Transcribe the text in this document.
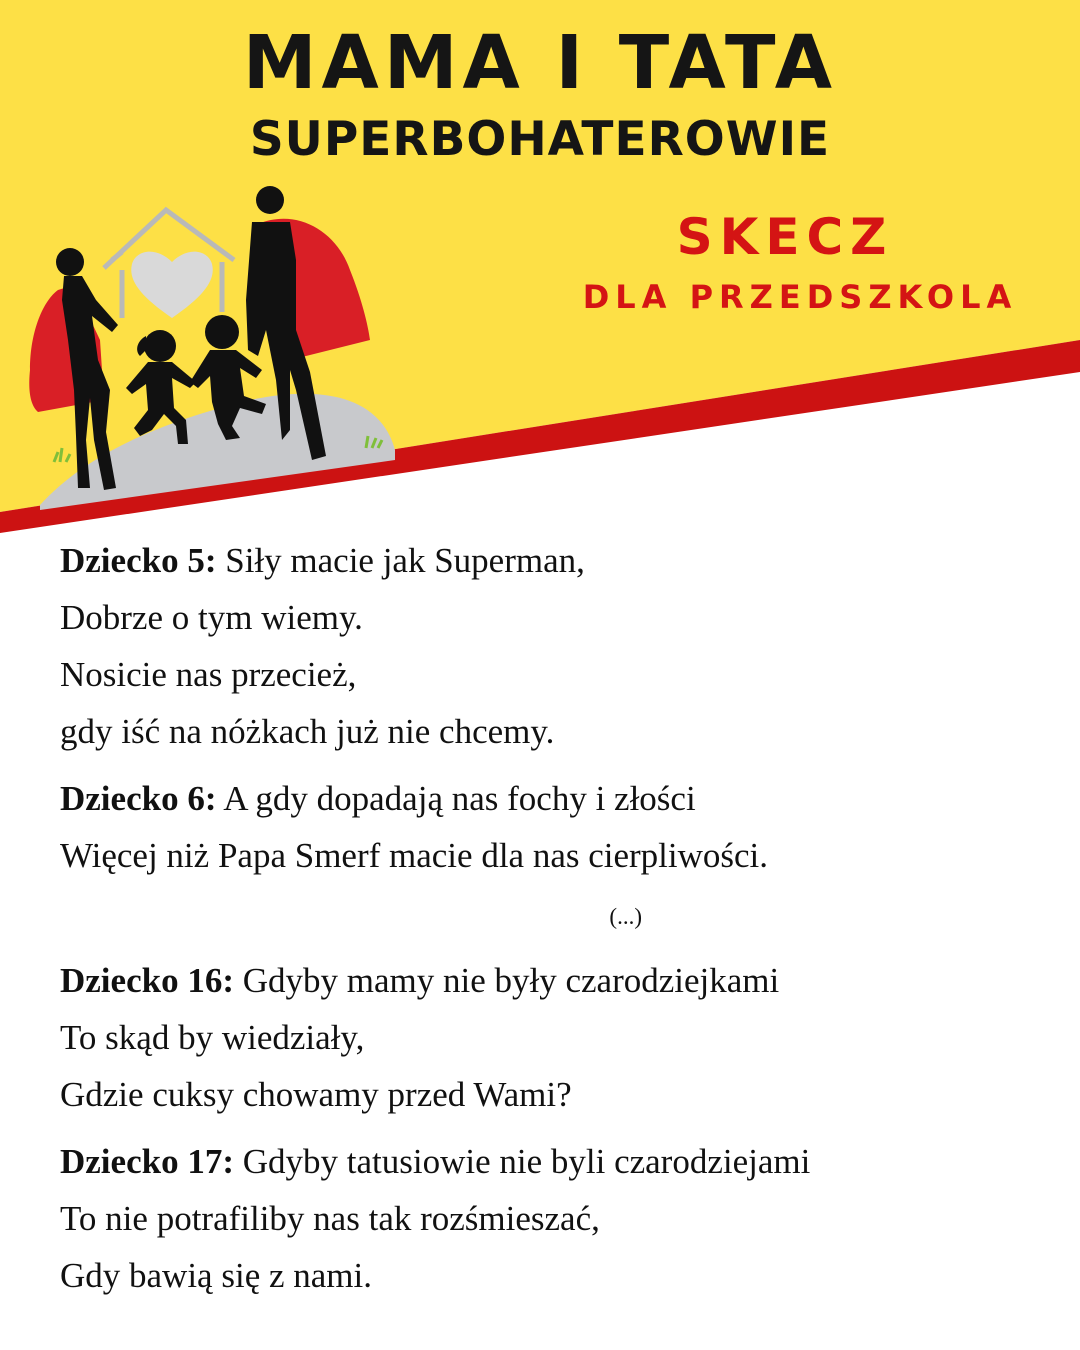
MAMA I TATA
SUPERBOHATEROWIE
SKECZ
DLA PRZEDSZKOLA
Dziecko 5: Siły macie jak Superman,
Dobrze o tym wiemy.
Nosicie nas przecież,
gdy iść na nóżkach już nie chcemy.
Dziecko 6: A gdy dopadają nas fochy i złości
Więcej niż Papa Smerf macie dla nas cierpliwości.
(...)
Dziecko 16: Gdyby mamy nie były czarodziejkami
To skąd by wiedziały,
Gdzie cuksy chowamy przed Wami?
Dziecko 17: Gdyby tatusiowie nie byli czarodziejami
To nie potrafiliby nas tak rozśmieszać,
Gdy bawią się z nami.
